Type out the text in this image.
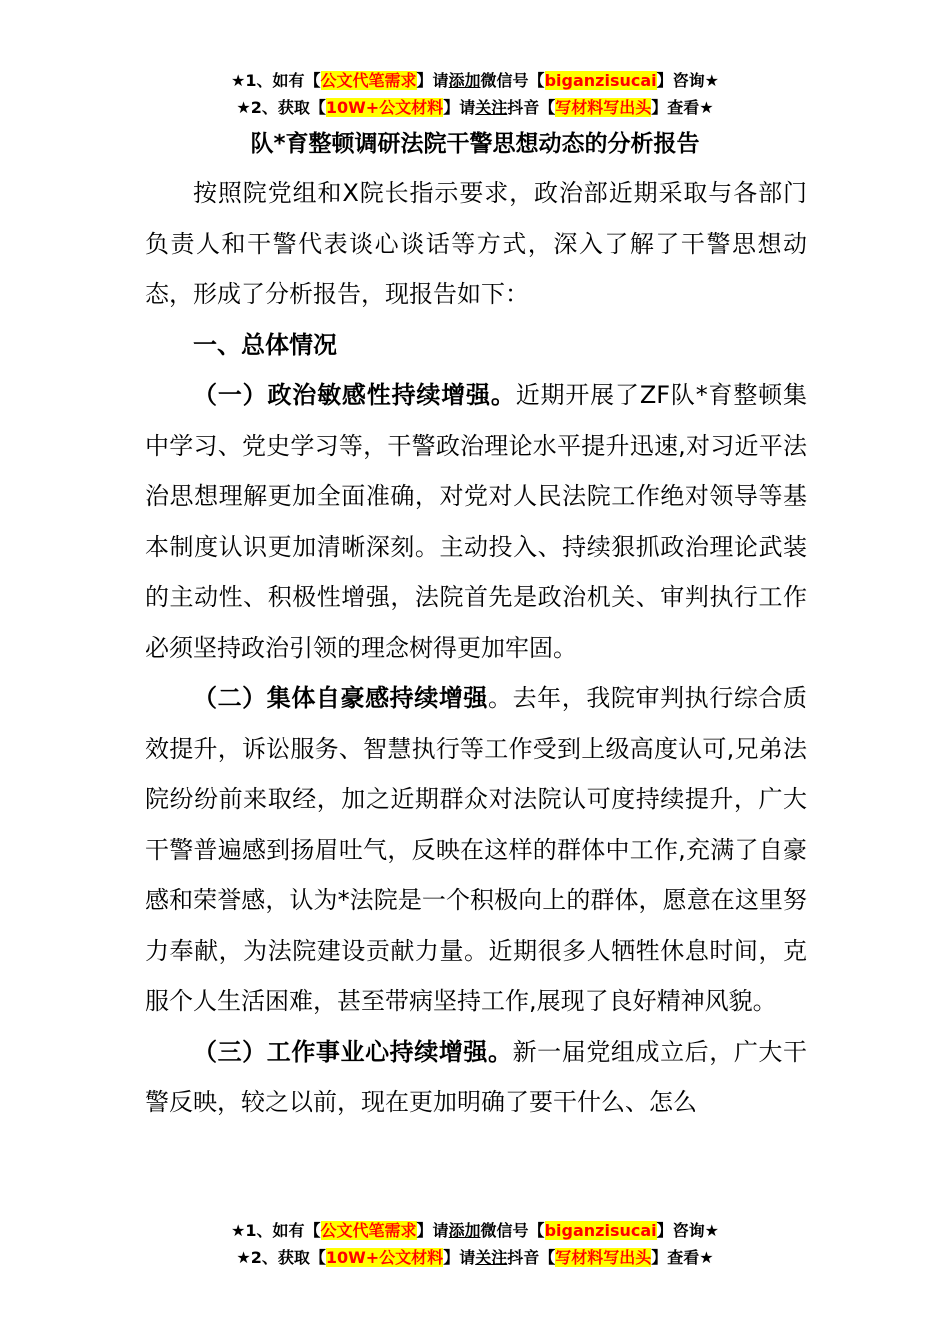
★1、如有【公文代笔需求】请添加微信号【biganzisucai】咨询★
★2、获取【10W+公文材料】请关注抖音【写材料写出头】查看★
队*育整顿调研法院干警思想动态的分析报告

按照院党组和X院长指示要求，政治部近期采取与各部门负责人和干警代表谈心谈话等方式，深入了解了干警思想动态，形成了分析报告，现报告如下：

一、总体情况

（一）政治敏感性持续增强。近期开展了ZF队*育整顿集中学习、党史学习等，干警政治理论水平提升迅速,对习近平法治思想理解更加全面准确，对党对人民法院工作绝对领导等基本制度认识更加清晰深刻。主动投入、持续狠抓政治理论武装的主动性、积极性增强，法院首先是政治机关、审判执行工作必须坚持政治引领的理念树得更加牢固。

（二）集体自豪感持续增强。去年，我院审判执行综合质效提升，诉讼服务、智慧执行等工作受到上级高度认可,兄弟法院纷纷前来取经，加之近期群众对法院认可度持续提升，广大干警普遍感到扬眉吐气，反映在这样的群体中工作,充满了自豪感和荣誉感，认为*法院是一个积极向上的群体，愿意在这里努力奉献，为法院建设贡献力量。近期很多人牺牲休息时间，克服个人生活困难，甚至带病坚持工作,展现了良好精神风貌。

（三）工作事业心持续增强。新一届党组成立后，广大干警反映，较之以前，现在更加明确了要干什么、怎么

★1、如有【公文代笔需求】请添加微信号【biganzisucai】咨询★
★2、获取【10W+公文材料】请关注抖音【写材料写出头】查看★
